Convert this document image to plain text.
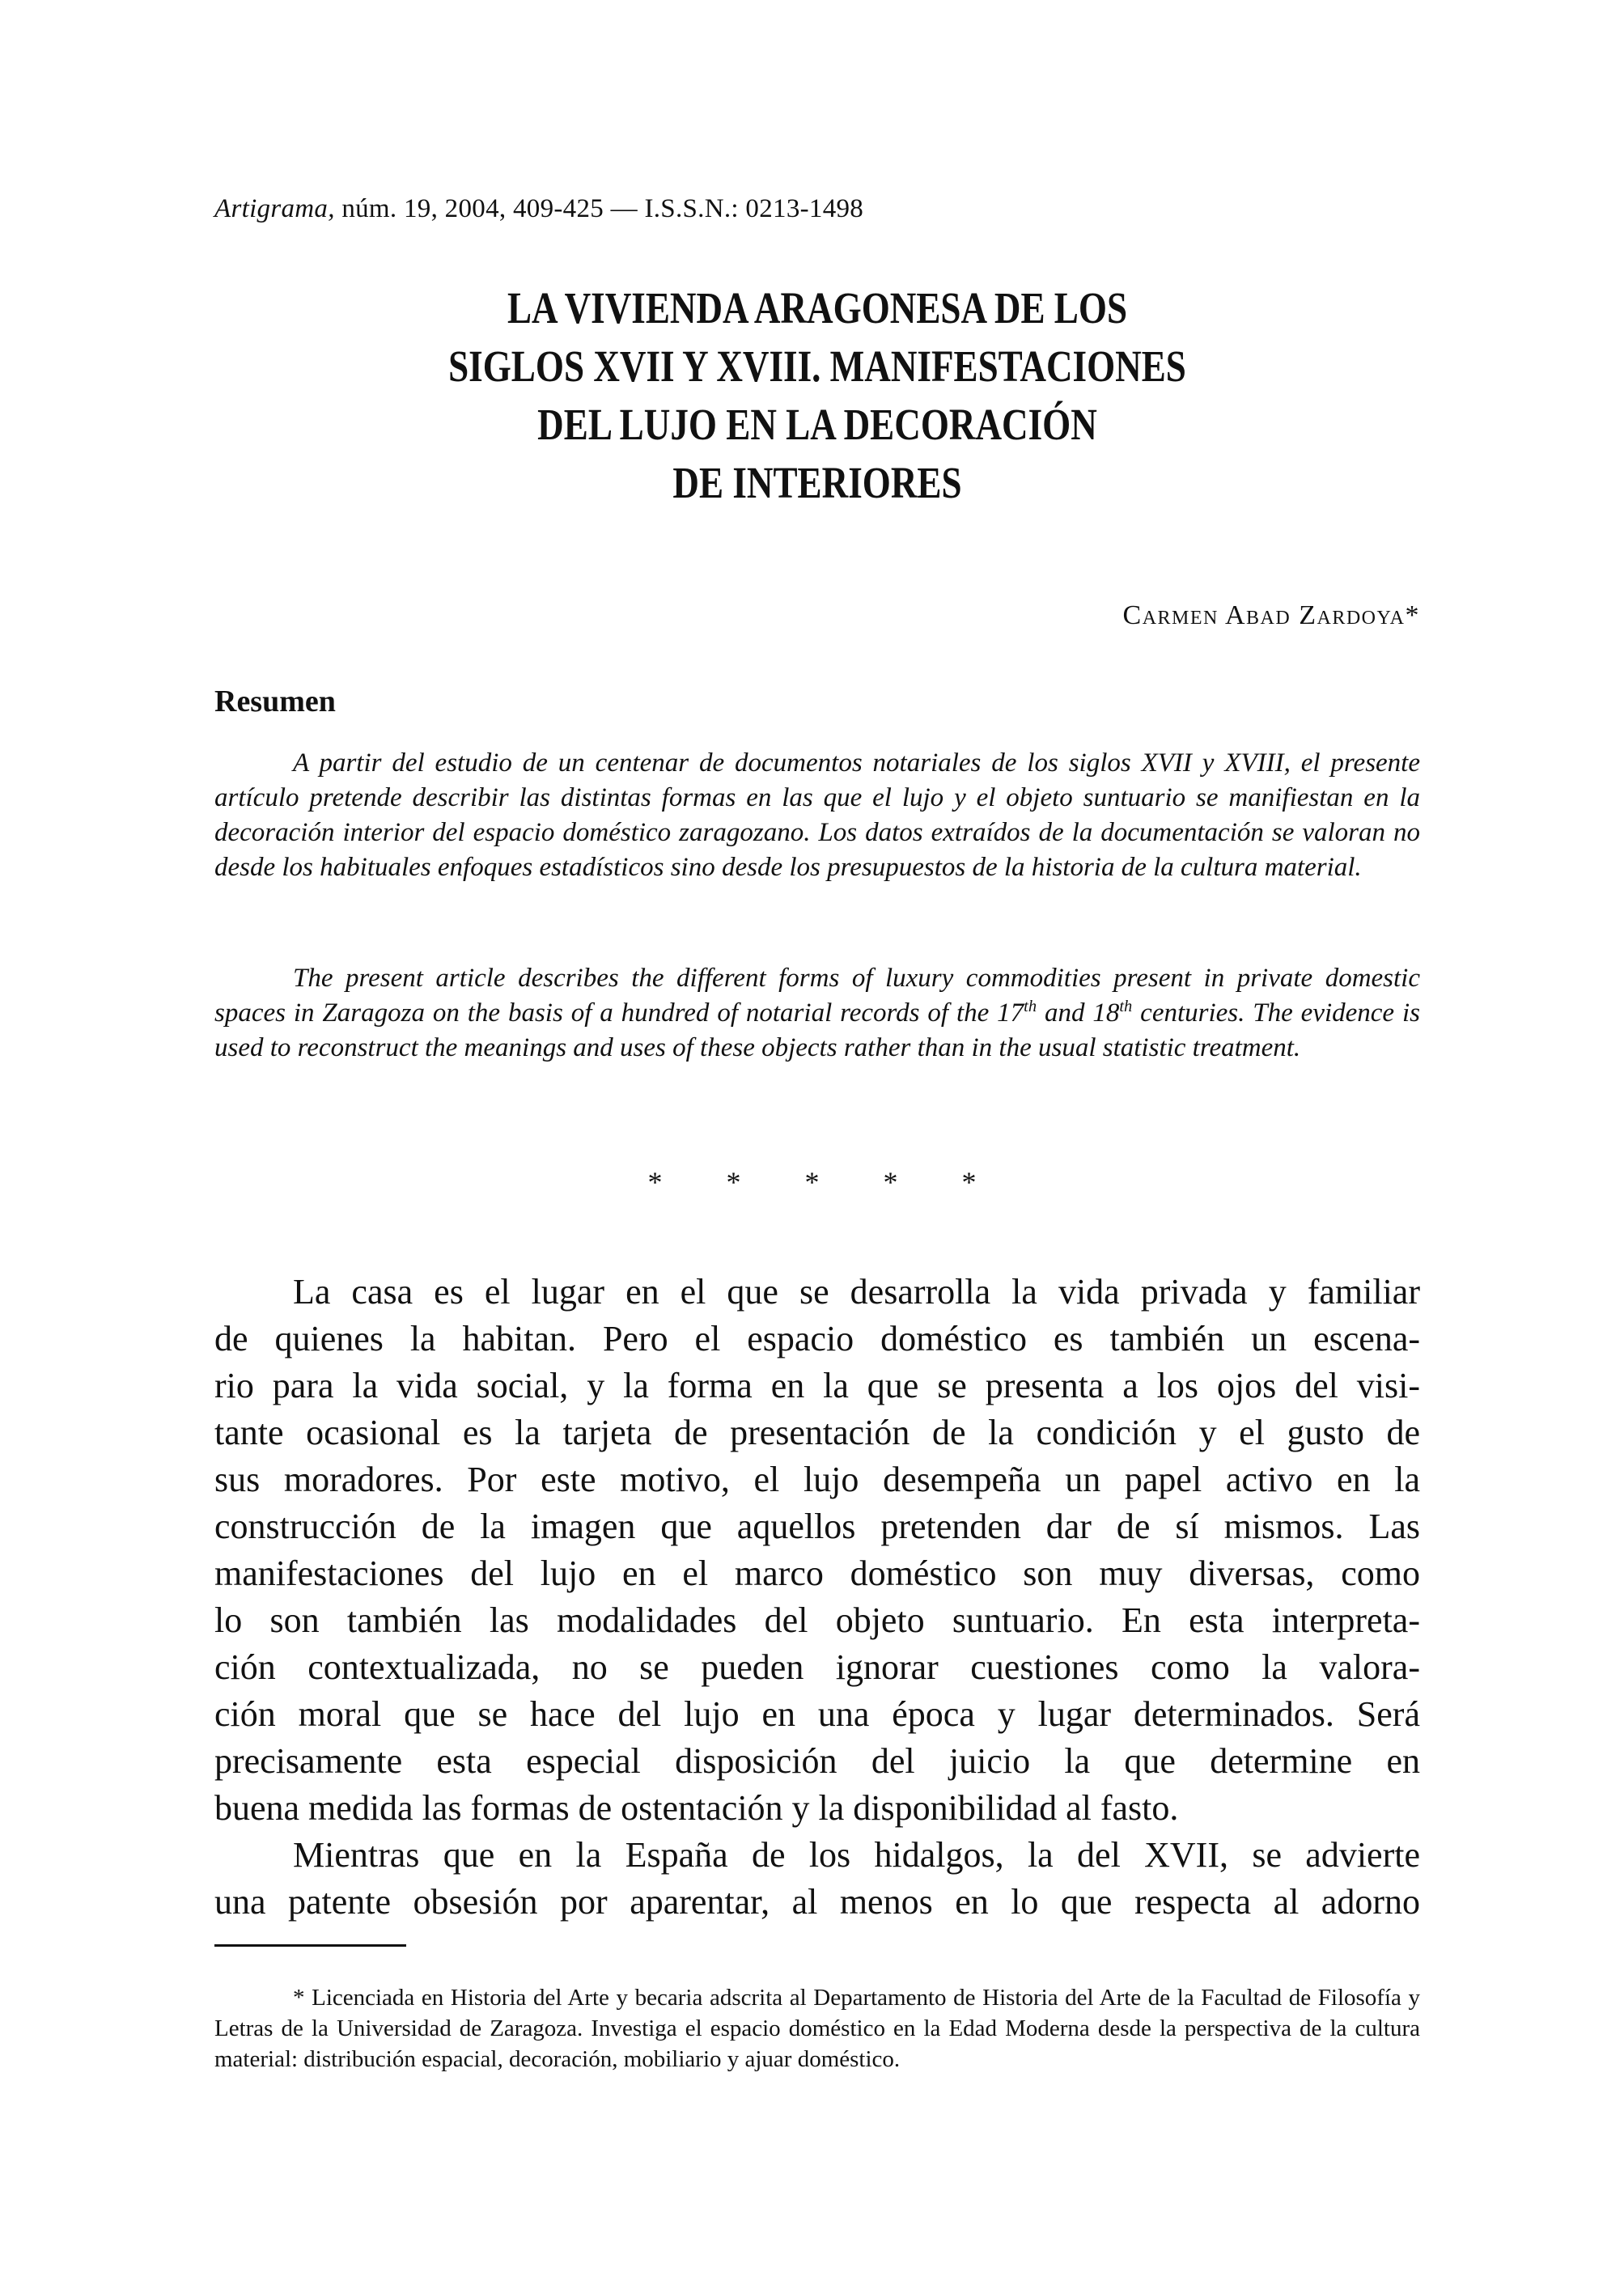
Artigrama, núm. 19, 2004, 409-425 — I.S.S.N.: 0213-1498
LA VIVIENDA ARAGONESA DE LOS
SIGLOS XVII Y XVIII. MANIFESTACIONES
DEL LUJO EN LA DECORACIÓN
DE INTERIORES
Carmen Abad Zardoya*
Resumen

A partir del estudio de un centenar de documentos notariales de los siglos XVII y XVIII, el presente artículo pretende describir las distintas formas en las que el lujo y el objeto suntuario se manifiestan en la decoración interior del espacio doméstico zaragozano. Los datos extraídos de la documentación se valoran no desde los habituales enfoques estadísticos sino desde los presupuestos de la historia de la cultura material.

The present article describes the different forms of luxury commodities present in private domestic spaces in Zaragoza on the basis of a hundred of notarial records of the 17th and 18th centuries. The evidence is used to reconstruct the meanings and uses of these objects rather than in the usual statistic treatment.

* * * * *
La casa es el lugar en el que se desarrolla la vida privada y familiar
de quienes la habitan. Pero el espacio doméstico es también un escena-
rio para la vida social, y la forma en la que se presenta a los ojos del visi-
tante ocasional es la tarjeta de presentación de la condición y el gusto de
sus moradores. Por este motivo, el lujo desempeña un papel activo en la
construcción de la imagen que aquellos pretenden dar de sí mismos. Las
manifestaciones del lujo en el marco doméstico son muy diversas, como
lo son también las modalidades del objeto suntuario. En esta interpreta-
ción contextualizada, no se pueden ignorar cuestiones como la valora-
ción moral que se hace del lujo en una época y lugar determinados. Será
precisamente esta especial disposición del juicio la que determine en
buena medida las formas de ostentación y la disponibilidad al fasto.
Mientras que en la España de los hidalgos, la del XVII, se advierte
una patente obsesión por aparentar, al menos en lo que respecta al adorno

* Licenciada en Historia del Arte y becaria adscrita al Departamento de Historia del Arte de la Facultad de Filosofía y Letras de la Universidad de Zaragoza. Investiga el espacio doméstico en la Edad Moderna desde la perspectiva de la cultura material: distribución espacial, decoración, mobiliario y ajuar doméstico.
